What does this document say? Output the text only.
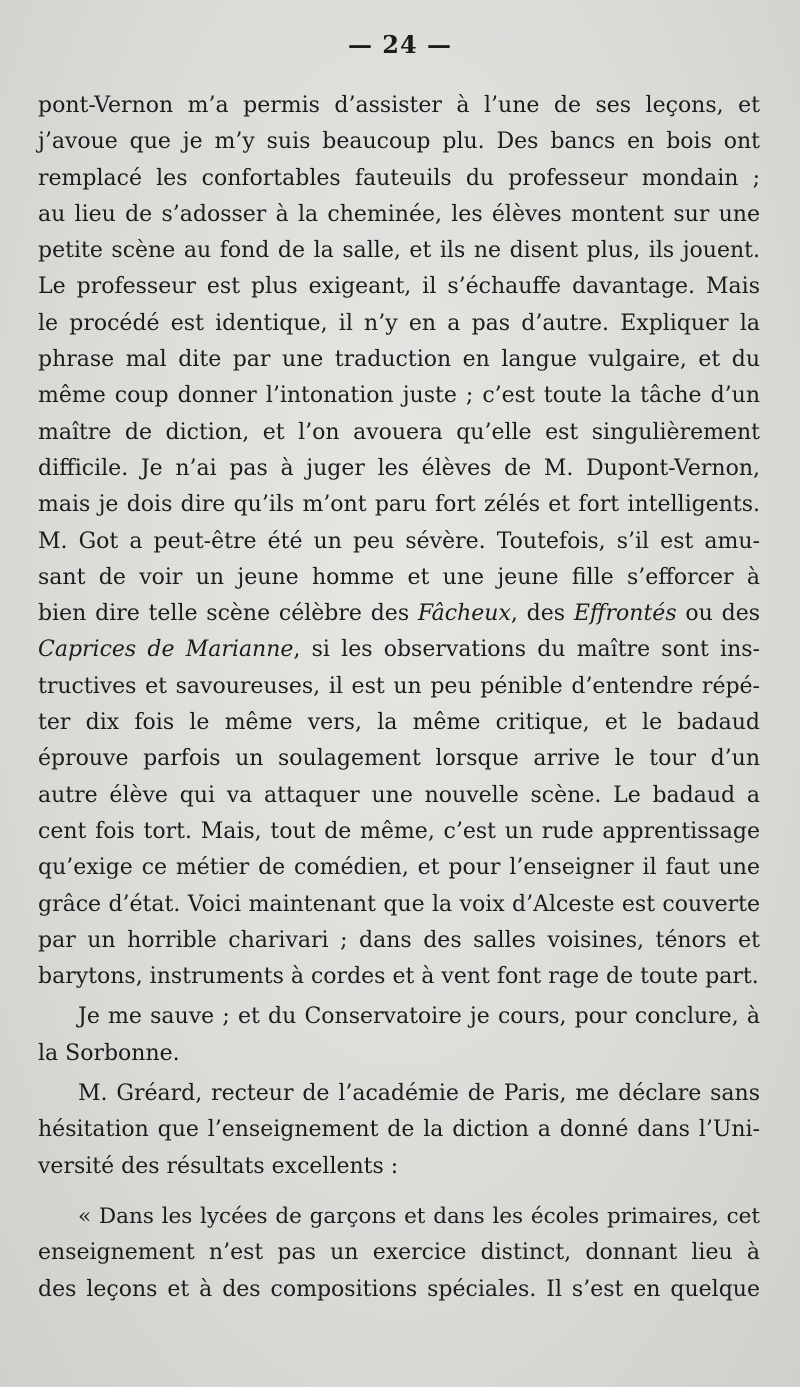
— 24 —
pont-Vernon m’a permis d’assister à l’une de ses leçons, et
j’avoue que je m’y suis beaucoup plu. Des bancs en bois ont
remplacé les confortables fauteuils du professeur mondain ;
au lieu de s’adosser à la cheminée, les élèves montent sur une
petite scène au fond de la salle, et ils ne disent plus, ils jouent.
Le professeur est plus exigeant, il s’échauffe davantage. Mais
le procédé est identique, il n’y en a pas d’autre. Expliquer la
phrase mal dite par une traduction en langue vulgaire, et du
même coup donner l’intonation juste ; c’est toute la tâche d’un
maître de diction, et l’on avouera qu’elle est singulièrement
difficile. Je n’ai pas à juger les élèves de M. Dupont-Vernon,
mais je dois dire qu’ils m’ont paru fort zélés et fort intelligents.
M. Got a peut-être été un peu sévère. Toutefois, s’il est amu-
sant de voir un jeune homme et une jeune fille s’efforcer à
bien dire telle scène célèbre des Fâcheux, des Effrontés ou des
Caprices de Marianne, si les observations du maître sont ins-
tructives et savoureuses, il est un peu pénible d’entendre répé-
ter dix fois le même vers, la même critique, et le badaud
éprouve parfois un soulagement lorsque arrive le tour d’un
autre élève qui va attaquer une nouvelle scène. Le badaud a
cent fois tort. Mais, tout de même, c’est un rude apprentissage
qu’exige ce métier de comédien, et pour l’enseigner il faut une
grâce d’état. Voici maintenant que la voix d’Alceste est couverte
par un horrible charivari ; dans des salles voisines, ténors et
barytons, instruments à cordes et à vent font rage de toute part.
Je me sauve ; et du Conservatoire je cours, pour conclure, à
la Sorbonne.
M. Gréard, recteur de l’académie de Paris, me déclare sans
hésitation que l’enseignement de la diction a donné dans l’Uni-
versité des résultats excellents :
« Dans les lycées de garçons et dans les écoles primaires, cet
enseignement n’est pas un exercice distinct, donnant lieu à
des leçons et à des compositions spéciales. Il s’est en quelque
